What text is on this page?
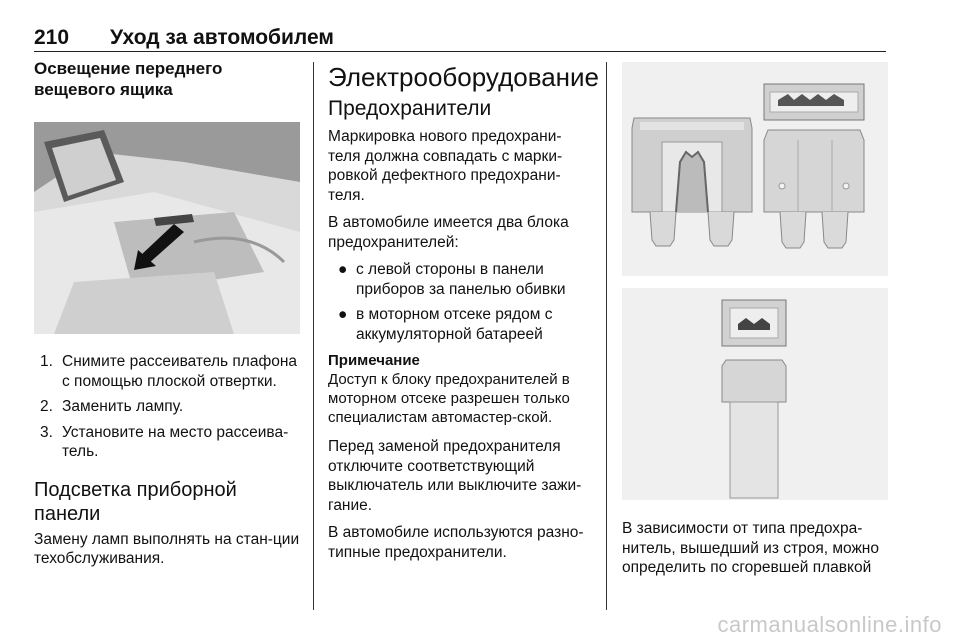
210 Уход за автомобилем
Освещение переднего
вещевого ящика
1. Снимите рассеиватель плафона с помощью плоской отвертки.
2. Заменить лампу.
3. Установите на место рассеива-тель.
Подсветка приборной
панели

Замену ламп выполнять на стан-ции техобслуживания.

Электрооборудование
Предохранители

Маркировка нового предохрани-теля должна совпадать с марки-ровкой дефектного предохрани-теля.

В автомобиле имеется два блока предохранителей:

● с левой стороны в панели приборов за панелью обивки
● в моторном отсеке рядом с аккумуляторной батареей
Примечание

Доступ к блоку предохранителей в моторном отсеке разрешен только специалистам автомастер-ской.

Перед заменой предохранителя отключите соответствующий выключатель или выключите зажи-гание.

В автомобиле используются разно-типные предохранители.

В зависимости от типа предохра-нитель, вышедший из строя, можно определить по сгоревшей плавкой
carmanualsonline.info
